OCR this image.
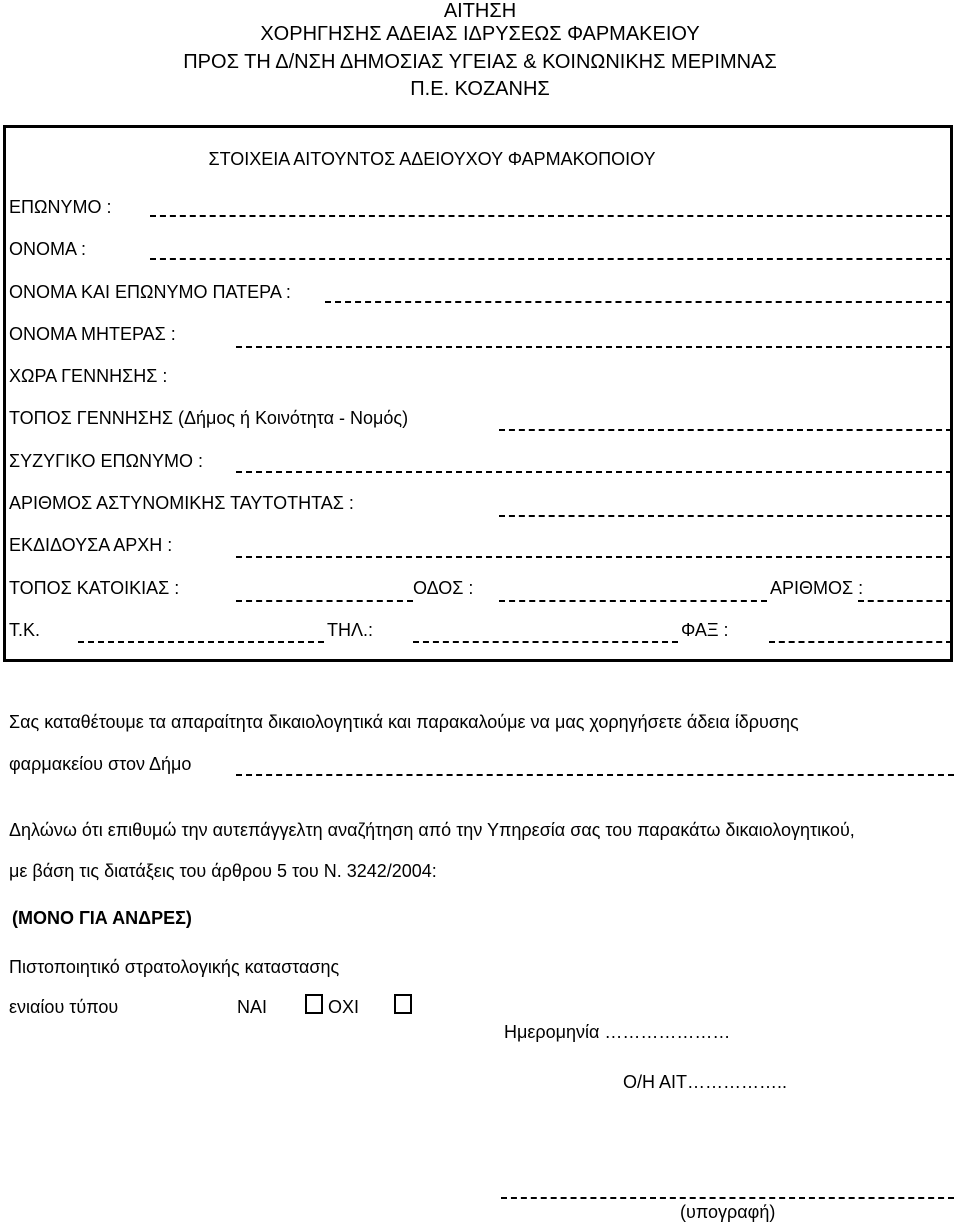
ΑΙΤΗΣΗ
ΧΟΡΗΓΗΣΗΣ ΑΔΕΙΑΣ ΙΔΡΥΣΕΩΣ ΦΑΡΜΑΚΕΙΟΥ
ΠΡΟΣ ΤΗ Δ/ΝΣΗ ΔΗΜΟΣΙΑΣ ΥΓΕΙΑΣ & ΚΟΙΝΩΝΙΚΗΣ ΜΕΡΙΜΝΑΣ
Π.Ε. ΚΟΖΑΝΗΣ
ΣΤΟΙΧΕΙΑ ΑΙΤΟΥΝΤΟΣ ΑΔΕΙΟΥΧΟΥ ΦΑΡΜΑΚΟΠΟΙΟΥ
ΕΠΩΝΥΜΟ :
ΟΝΟΜΑ :
ΟΝΟΜΑ ΚΑΙ ΕΠΩΝΥΜΟ ΠΑΤΕΡΑ :
ΟΝΟΜΑ ΜΗΤΕΡΑΣ :
ΧΩΡΑ ΓΕΝΝΗΣΗΣ :
ΤΟΠΟΣ ΓΕΝΝΗΣΗΣ (Δήμος ή Κοινότητα - Νομός)
ΣΥΖΥΓΙΚΟ ΕΠΩΝΥΜΟ :
ΑΡΙΘΜΟΣ ΑΣΤΥΝΟΜΙΚΗΣ ΤΑΥΤΟΤΗΤΑΣ :
ΕΚΔΙΔΟΥΣΑ ΑΡΧΗ :
ΤΟΠΟΣ ΚΑΤΟΙΚΙΑΣ :	ΟΔΟΣ :	ΑΡΙΘΜΟΣ :
Τ.Κ.	ΤΗΛ.:	ΦΑΞ :
Σας καταθέτουμε τα απαραίτητα δικαιολογητικά και παρακαλούμε να μας χορηγήσετε άδεια ίδρυσης
φαρμακείου στον Δήμο
Δηλώνω ότι επιθυμώ την αυτεπάγγελτη αναζήτηση από την Υπηρεσία σας του παρακάτω δικαιολογητικού,
με βάση τις διατάξεις του άρθρου 5 του Ν. 3242/2004:
(ΜΟΝΟ ΓΙΑ ΑΝΔΡΕΣ)
Πιστοποιητικό στρατολογικής καταστασης
ενιαίου τύπου	ΝΑΙ	ΟΧΙ
Ημερομηνία …………………
Ο/Η ΑΙΤ……………..
(υπογραφή)
